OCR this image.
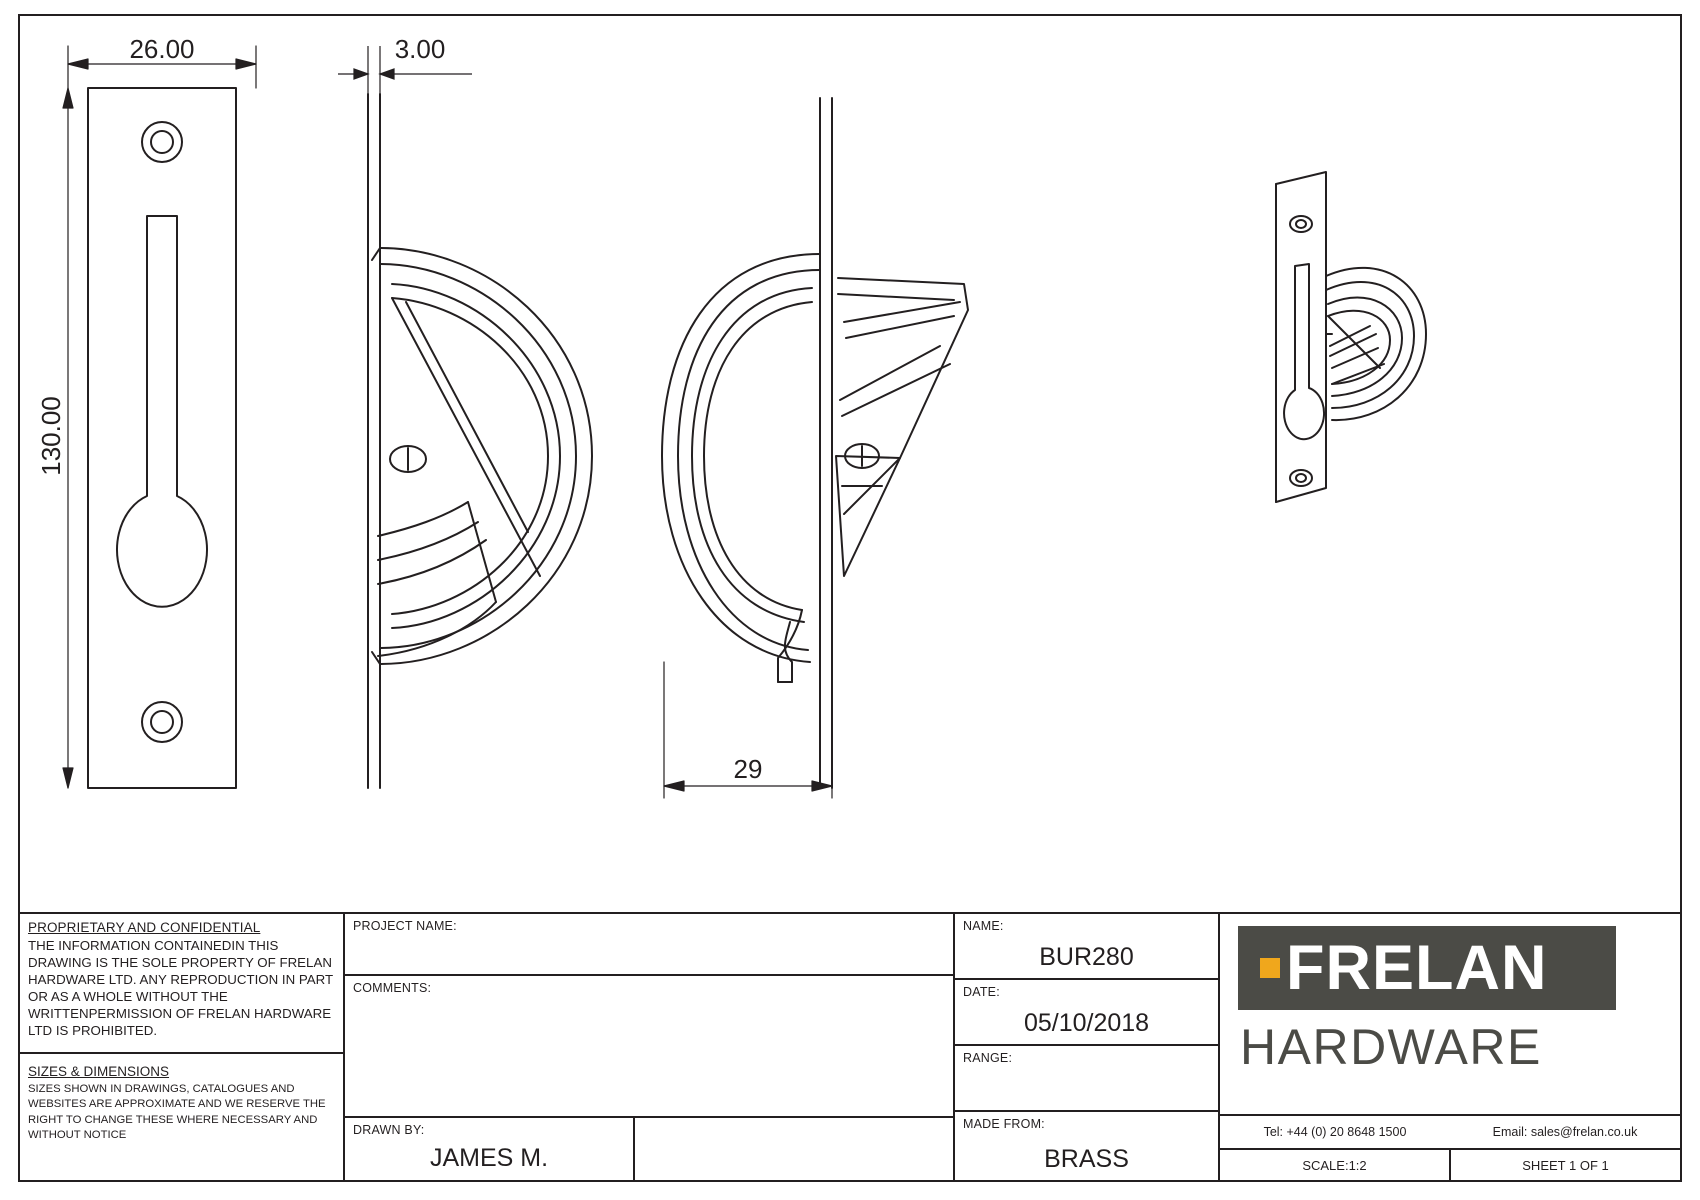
26.00	3.00
130.00
29
PROPRIETARY AND CONFIDENTIAL
THE INFORMATION CONTAINEDIN THIS DRAWING IS THE SOLE PROPERTY OF FRELAN HARDWARE LTD. ANY REPRODUCTION IN PART OR AS A WHOLE WITHOUT THE WRITTENPERMISSION OF FRELAN HARDWARE LTD IS PROHIBITED.
SIZES & DIMENSIONS
SIZES SHOWN IN DRAWINGS, CATALOGUES AND WEBSITES ARE APPROXIMATE AND WE RESERVE THE RIGHT TO CHANGE THESE WHERE NECESSARY AND WITHOUT NOTICE
PROJECT NAME:
COMMENTS:
DRAWN BY:
JAMES M.
NAME:
BUR280
DATE:
05/10/2018
RANGE:
MADE FROM:
BRASS
FRELAN
HARDWARE
Tel: +44 (0) 20 8648 1500	Email: sales@frelan.co.uk
SCALE:1:2	SHEET 1 OF 1
